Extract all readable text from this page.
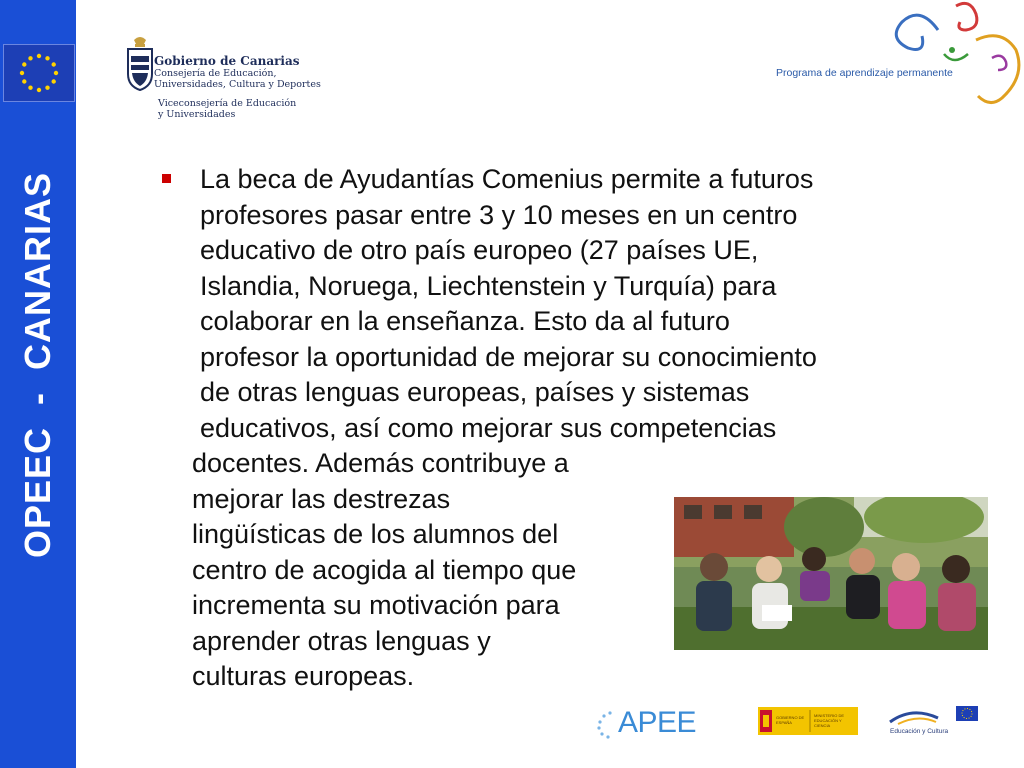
OPEEC  -  CANARIAS
Gobierno de Canarias
Consejería de Educación,
Universidades, Cultura y Deportes
Viceconsejería de Educación
y Universidades
Programa de aprendizaje permanente
La beca de Ayudantías Comenius permite a futuros
profesores pasar entre 3 y 10 meses en un centro
educativo de otro país europeo (27 países UE,
Islandia, Noruega, Liechtenstein y Turquía) para
colaborar en la enseñanza. Esto da al futuro
profesor la oportunidad de mejorar su conocimiento
de otras lenguas europeas, países y sistemas
educativos, así como mejorar sus competencias
docentes. Además contribuye a
mejorar las destrezas
lingüísticas de los alumnos del
centro de acogida al tiempo que
incrementa su motivación para
aprender otras lenguas y
culturas europeas.
APEE	GOBIERNO DE ESPAÑA
MINISTERIO DE EDUCACIÓN Y CIENCIA
Educación y Cultura
